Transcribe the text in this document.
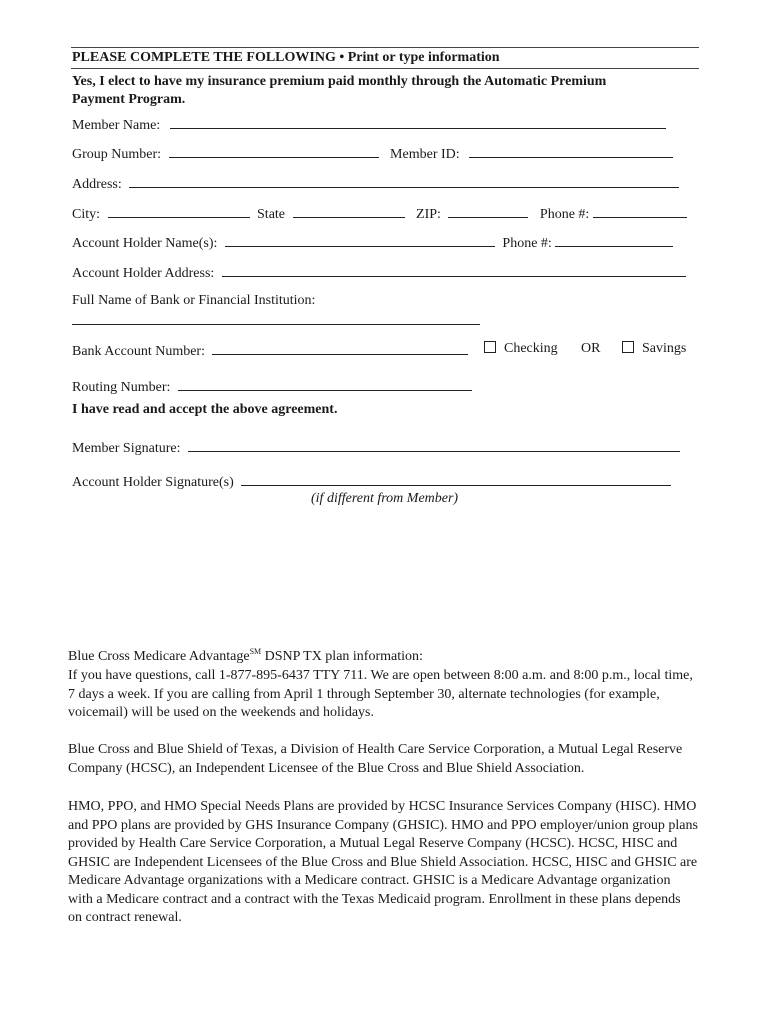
PLEASE COMPLETE THE FOLLOWING • Print or type information
Yes, I elect to have my insurance premium paid monthly through the Automatic Premium
Payment Program.
Member Name:
Group Number:	Member ID:
Address:
City:	State	ZIP:	Phone #:
Account Holder Name(s):	Phone #:
Account Holder Address:
Full Name of Bank or Financial Institution:
Bank Account Number:	Checking OR	Savings
Routing Number:
I have read and accept the above agreement.
Member Signature:
Account Holder Signature(s)
(if different from Member)
Blue Cross Medicare Advantage℠ DSNP TX plan information:
If you have questions, call 1-877-895-6437 TTY 711. We are open between 8:00 a.m. and 8:00 p.m., local time, 7 days a week. If you are calling from April 1 through September 30, alternate technologies (for example, voicemail) will be used on the weekends and holidays.
Blue Cross and Blue Shield of Texas, a Division of Health Care Service Corporation, a Mutual Legal Reserve Company (HCSC), an Independent Licensee of the Blue Cross and Blue Shield Association.
HMO, PPO, and HMO Special Needs Plans are provided by HCSC Insurance Services Company (HISC). HMO and PPO plans are provided by GHS Insurance Company (GHSIC). HMO and PPO employer/union group plans provided by Health Care Service Corporation, a Mutual Legal Reserve Company (HCSC). HCSC, HISC and GHSIC are Independent Licensees of the Blue Cross and Blue Shield Association. HCSC, HISC and GHSIC are Medicare Advantage organizations with a Medicare contract. GHSIC is a Medicare Advantage organization with a Medicare contract and a contract with the Texas Medicaid program. Enrollment in these plans depends on contract renewal.
